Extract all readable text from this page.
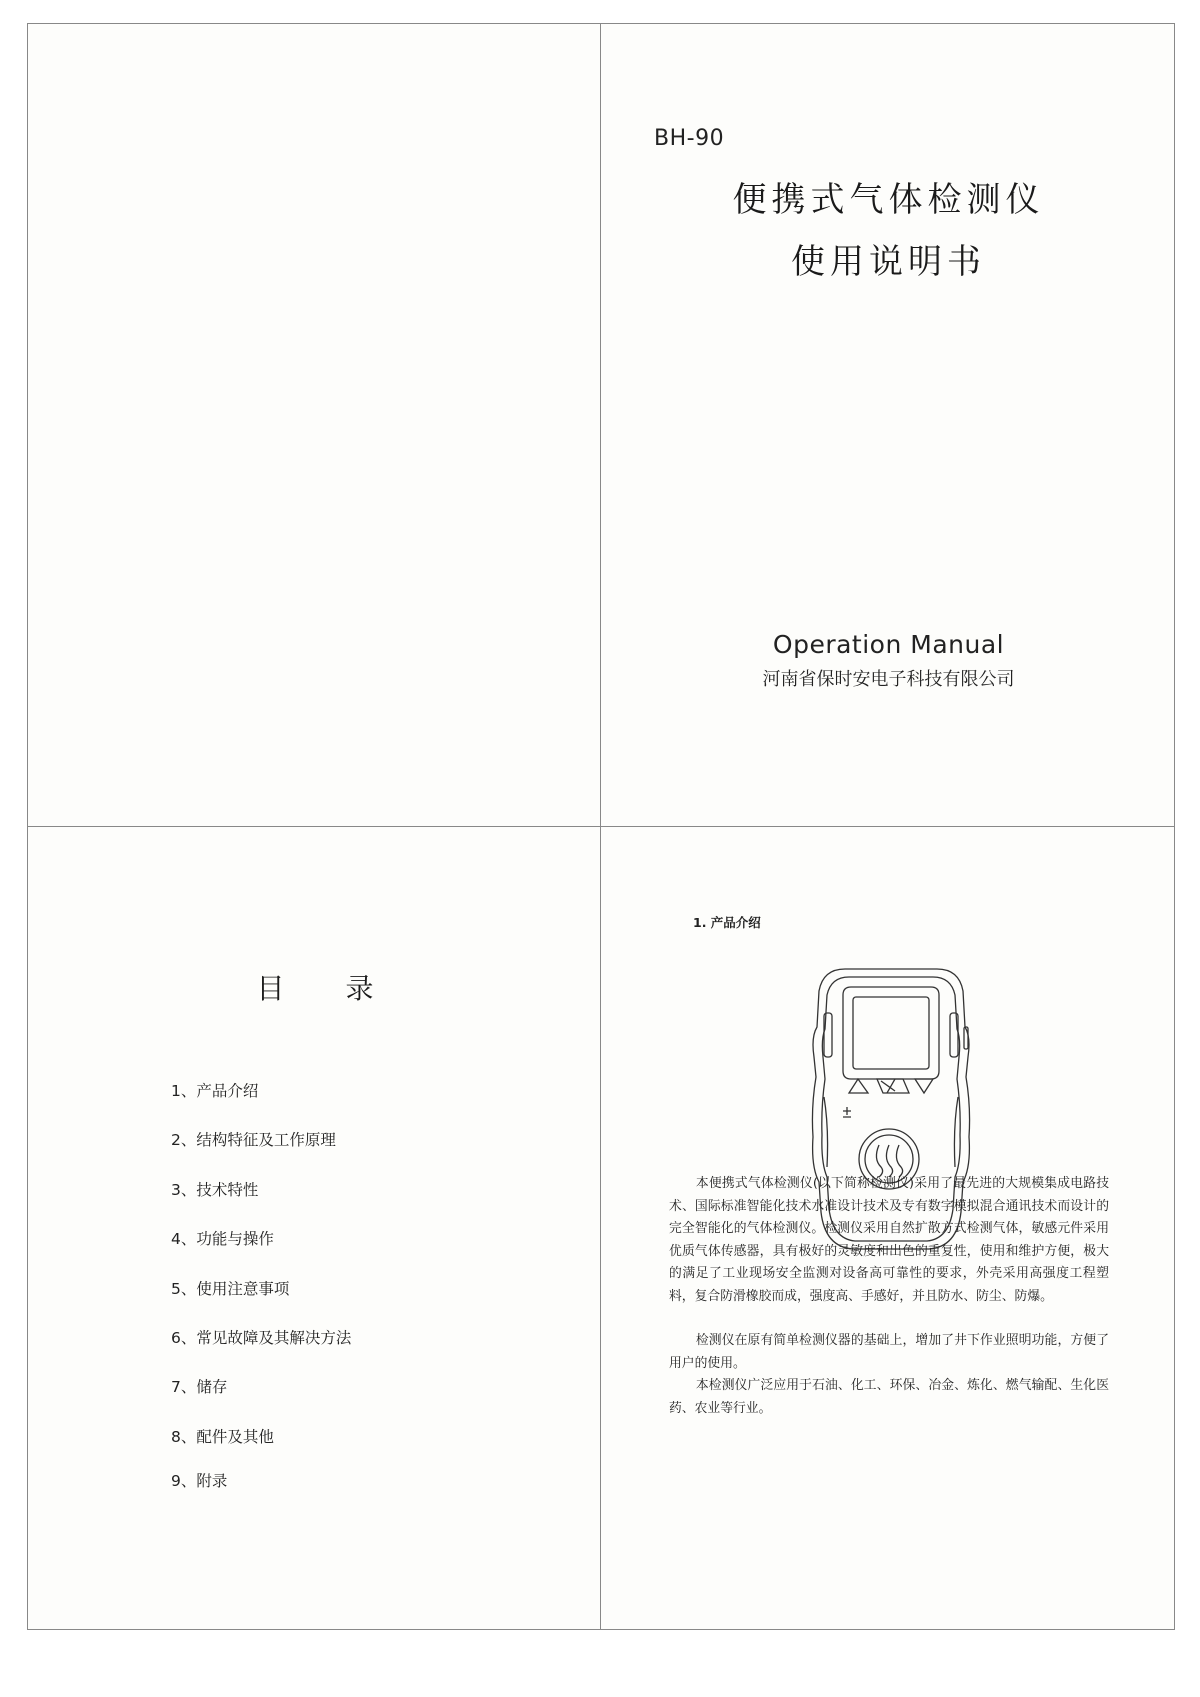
BH-90
便携式气体检测仪
使用说明书
Operation Manual
河南省保时安电子科技有限公司
目 录
1、产品介绍
2、结构特征及工作原理
3、技术特性
4、功能与操作
5、使用注意事项
6、常见故障及其解决方法
7、储存
8、配件及其他
9、附录
1. 产品介绍
本便携式气体检测仪(以下简称检测仪)采用了最先进的大规模集成电路技术、国际标准智能化技术水准设计技术及专有数字模拟混合通讯技术而设计的完全智能化的气体检测仪。检测仪采用自然扩散方式检测气体，敏感元件采用优质气体传感器，具有极好的灵敏度和出色的重复性，使用和维护方便，极大的满足了工业现场安全监测对设备高可靠性的要求，外壳采用高强度工程塑料，复合防滑橡胶而成，强度高、手感好，并且防水、防尘、防爆。
检测仪在原有简单检测仪器的基础上，增加了井下作业照明功能，方便了用户的使用。
本检测仪广泛应用于石油、化工、环保、冶金、炼化、燃气输配、生化医药、农业等行业。
